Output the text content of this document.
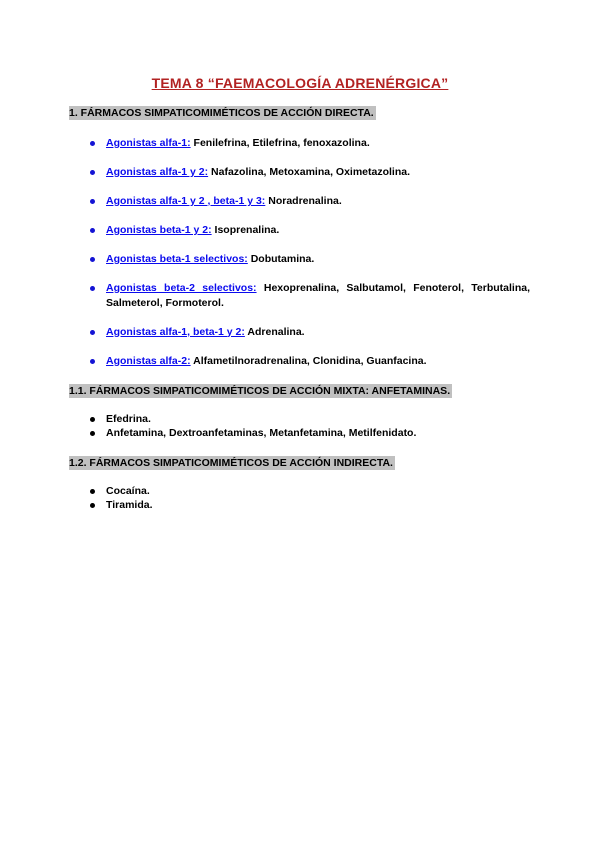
TEMA 8 “FAEMACOLOGÍA ADRENÉRGICA”
1. FÁRMACOS SIMPATICOMIMÉTICOS DE ACCIÓN DIRECTA.
Agonistas alfa-1: Fenilefrina, Etilefrina, fenoxazolina.
Agonistas alfa-1 y 2: Nafazolina, Metoxamina, Oximetazolina.
Agonistas alfa-1 y 2 , beta-1 y 3: Noradrenalina.
Agonistas beta-1 y 2: Isoprenalina.
Agonistas beta-1 selectivos: Dobutamina.
Agonistas beta-2 selectivos: Hexoprenalina, Salbutamol, Fenoterol, Terbutalina, Salmeterol, Formoterol.
Agonistas alfa-1, beta-1 y 2: Adrenalina.
Agonistas alfa-2: Alfametilnoradrenalina, Clonidina, Guanfacina.
1.1. FÁRMACOS SIMPATICOMIMÉTICOS DE ACCIÓN MIXTA: ANFETAMINAS.
Efedrina.
Anfetamina, Dextroanfetaminas, Metanfetamina, Metilfenidato.
1.2. FÁRMACOS SIMPATICOMIMÉTICOS DE ACCIÓN INDIRECTA.
Cocaína.
Tiramida.
